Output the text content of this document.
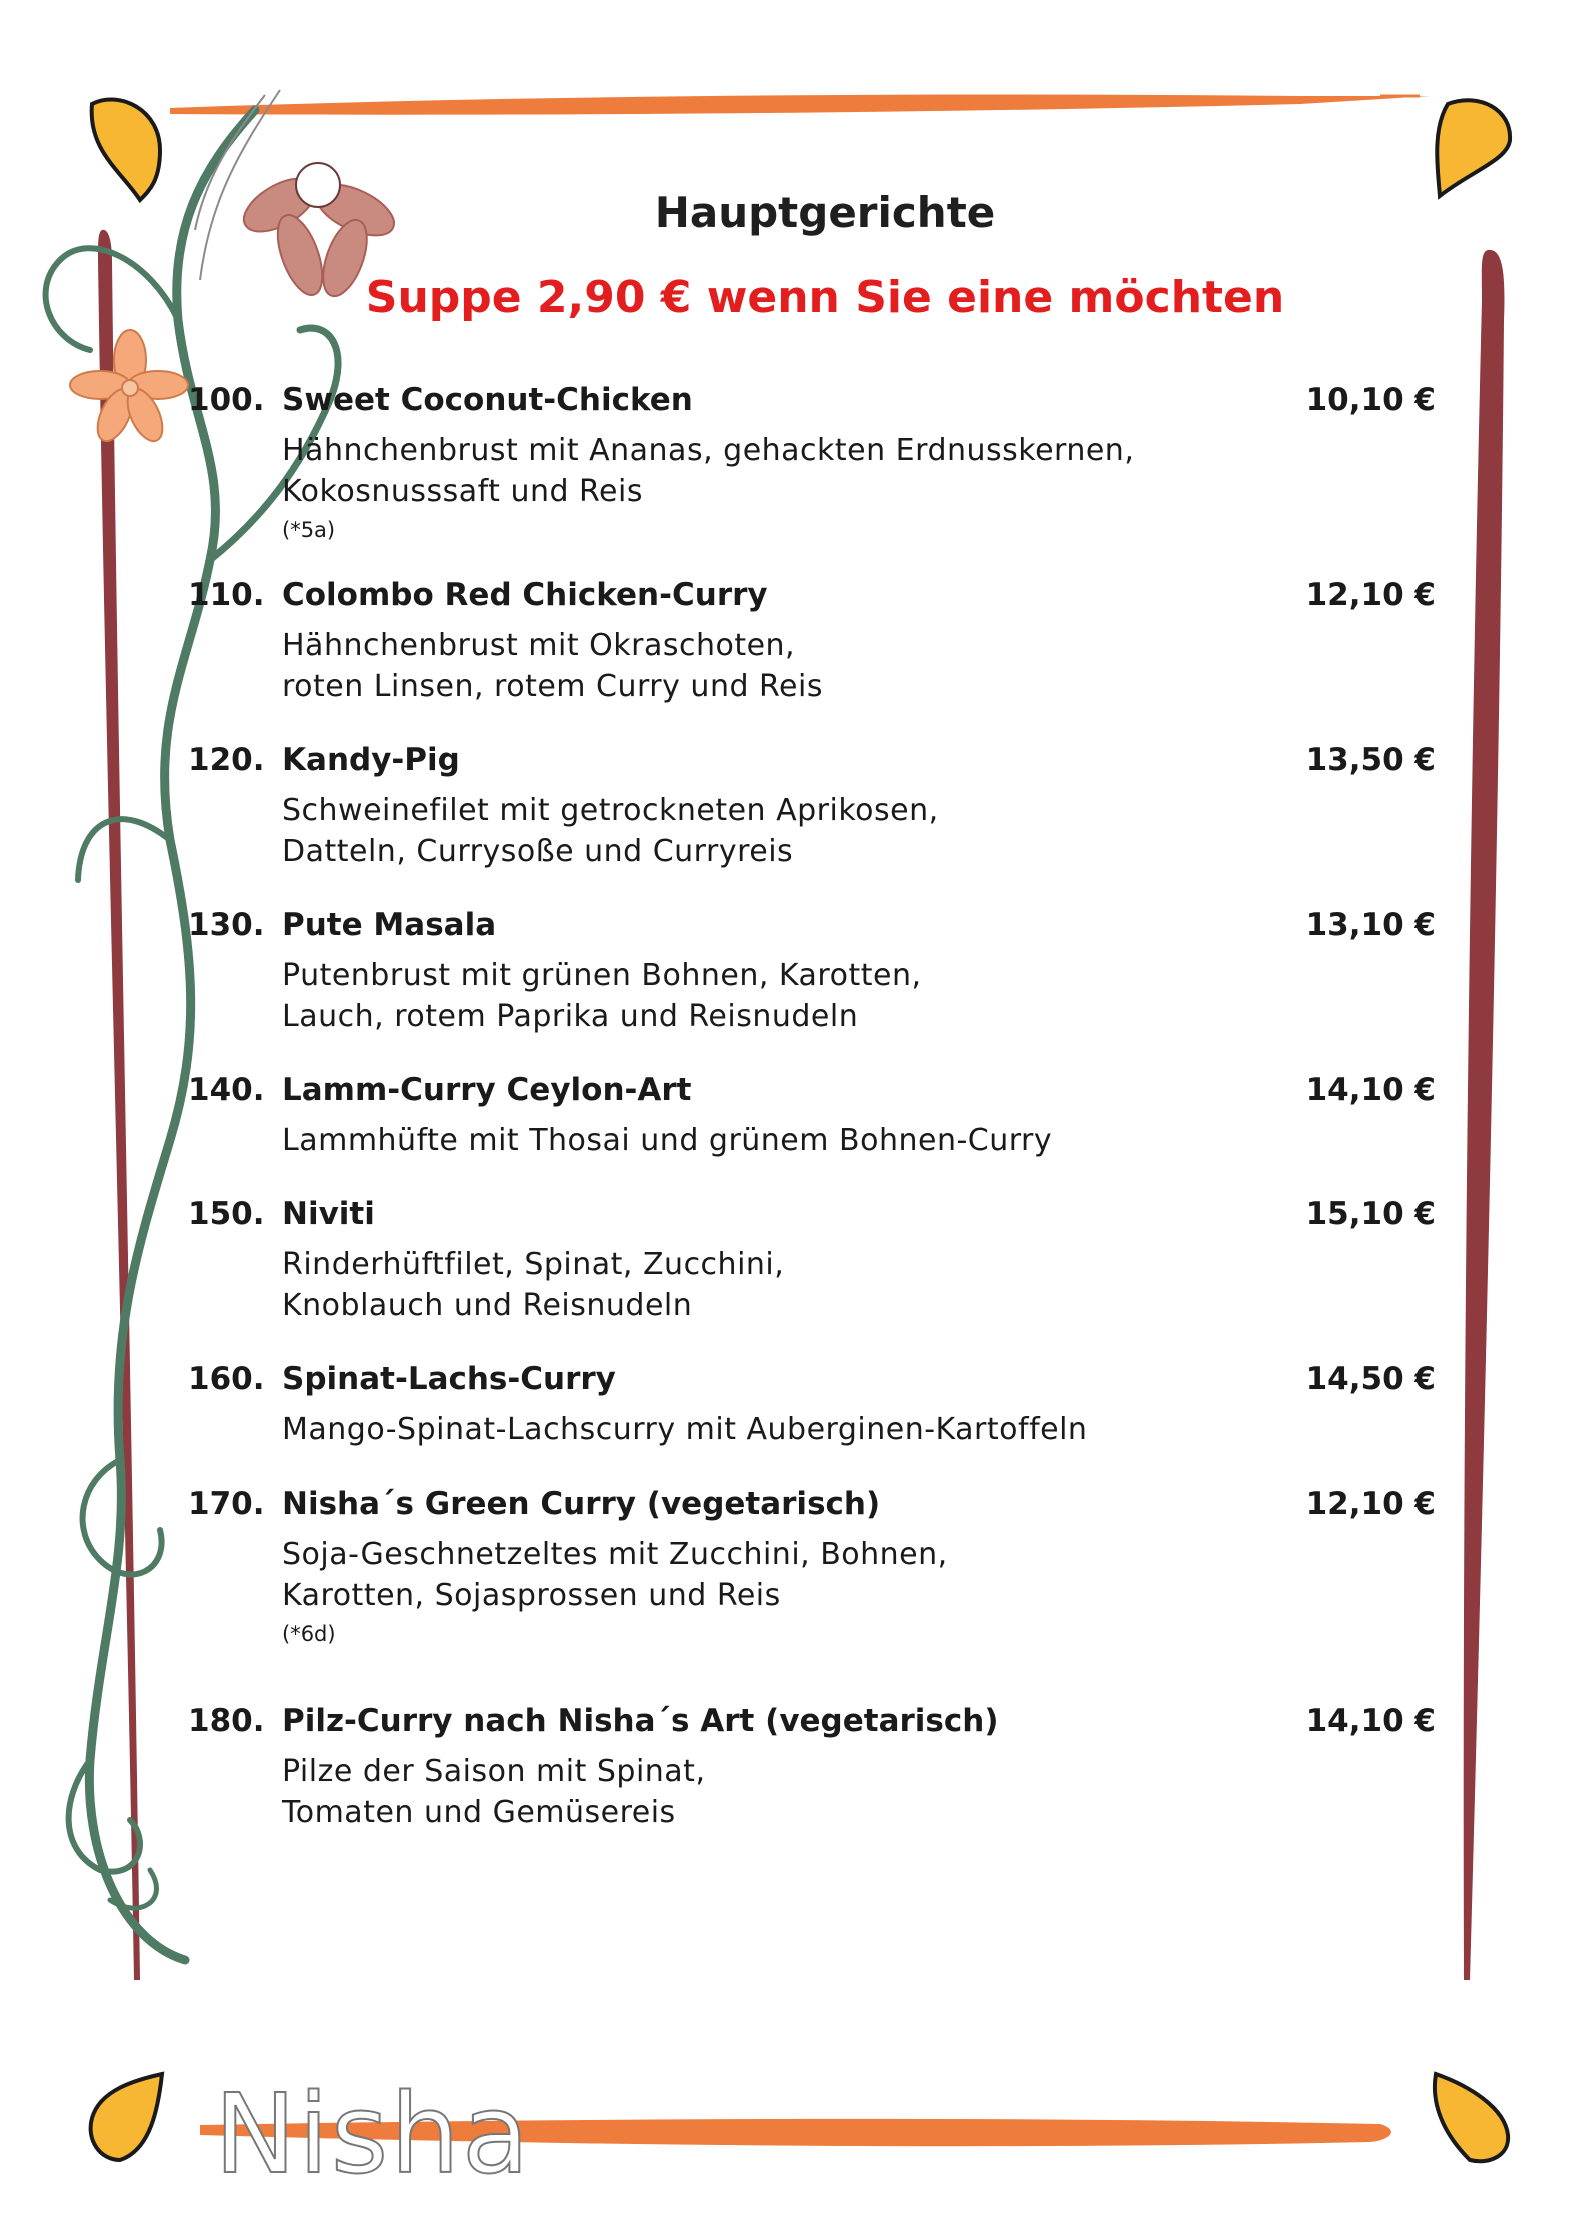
Hauptgerichte
Suppe 2,90 € wenn Sie eine möchten
100. Sweet Coconut-Chicken	10,10 €
Hähnchenbrust mit Ananas, gehackten Erdnusskernen,
Kokosnusssaft und Reis
(*5a)
110. Colombo Red Chicken-Curry	12,10 €
Hähnchenbrust mit Okraschoten,
roten Linsen, rotem Curry und Reis
120. Kandy-Pig	13,50 €
Schweinefilet mit getrockneten Aprikosen,
Datteln, Currysoße und Curryreis
130. Pute Masala	13,10 €
Putenbrust mit grünen Bohnen, Karotten,
Lauch, rotem Paprika und Reisnudeln
140. Lamm-Curry Ceylon-Art	14,10 €
Lammhüfte mit Thosai und grünem Bohnen-Curry
150. Niviti	15,10 €
Rinderhüftfilet, Spinat, Zucchini,
Knoblauch und Reisnudeln
160. Spinat-Lachs-Curry	14,50 €
Mango-Spinat-Lachscurry mit Auberginen-Kartoffeln
170. Nisha´s Green Curry (vegetarisch)	12,10 €
Soja-Geschnetzeltes mit Zucchini, Bohnen,
Karotten, Sojasprossen und Reis
(*6d)
180. Pilz-Curry nach Nisha´s Art (vegetarisch)	14,10 €
Pilze der Saison mit Spinat,
Tomaten und Gemüsereis
Nisha
